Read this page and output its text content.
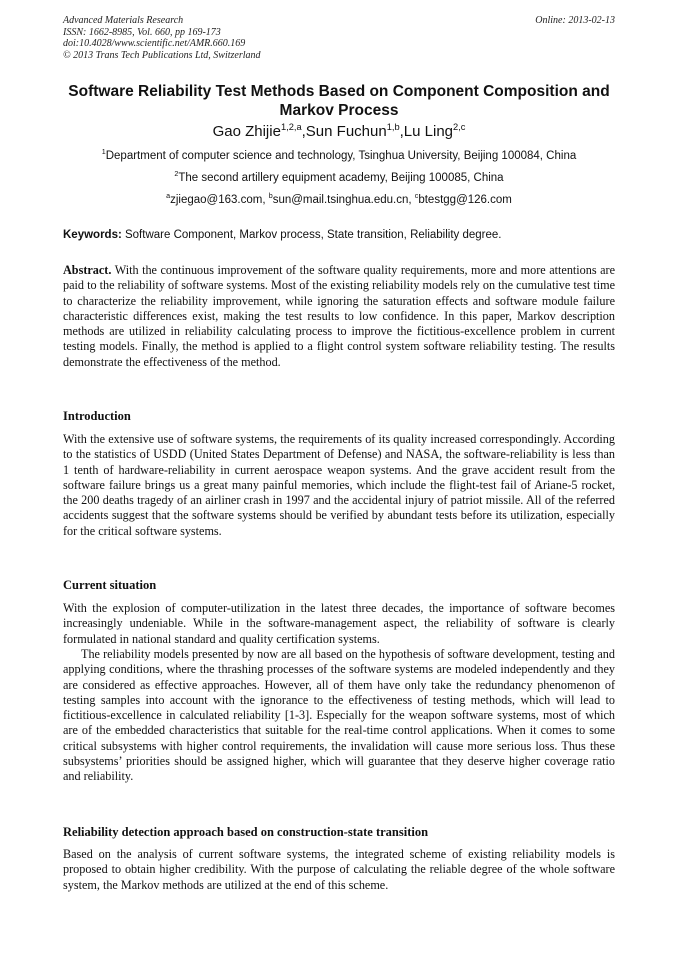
Advanced Materials Research
ISSN: 1662-8985, Vol. 660, pp 169-173
doi:10.4028/www.scientific.net/AMR.660.169
© 2013 Trans Tech Publications Ltd, Switzerland
Online: 2013-02-13
Software Reliability Test Methods Based on Component Composition and Markov Process
Gao Zhijie$^{1,2,a}$,Sun Fuchun$^{1,b}$,Lu Ling$^{2,c}$
$^1$Department of computer science and technology, Tsinghua University, Beijing 100084, China
$^2$The second artillery equipment academy, Beijing 100085, China
$^a$zjiegao@163.com, $^b$sun@mail.tsinghua.edu.cn, $^c$btestgg@126.com
Keywords: Software Component, Markov process, State transition, Reliability degree.
Abstract. With the continuous improvement of the software quality requirements, more and more attentions are paid to the reliability of software systems. Most of the existing reliability models rely on the cumulative test time to characterize the reliability improvement, while ignoring the saturation effects and software module failure characteristic differences exist, making the test results to low confidence. In this paper, Markov description methods are utilized in reliability calculating process to improve the fictitious-excellence problem in current testing models. Finally, the method is applied to a flight control system software reliability testing. The results demonstrate the effectiveness of the method.
Introduction
With the extensive use of software systems, the requirements of its quality increased correspondingly. According to the statistics of USDD (United States Department of Defense) and NASA, the software-reliability is less than 1 tenth of hardware-reliability in current aerospace weapon systems. And the grave accident result from the software failure brings us a great many painful memories, which include the flight-test fail of Ariane-5 rocket, the 200 deaths tragedy of an airliner crash in 1997 and the accidental injury of patriot missile. All of the referred accidents suggest that the software systems should be verified by abundant tests before its utilization, especially for the critical software systems.
Current situation
With the explosion of computer-utilization in the latest three decades, the importance of software becomes increasingly undeniable. While in the software-management aspect, the reliability of software is clearly formulated in national standard and quality certification systems.
The reliability models presented by now are all based on the hypothesis of software development, testing and applying conditions, where the thrashing processes of the software systems are modeled independently and they are considered as effective approaches. However, all of them have only take the redundancy phenomenon of testing samples into account with the ignorance to the effectiveness of testing methods, which will lead to fictitious-excellence in calculated reliability [1-3]. Especially for the weapon software systems, most of which are of the embedded characteristics that suitable for the real-time control applications. When it comes to some critical subsystems with higher control requirements, the invalidation will cause more serious loss. Thus these subsystems’ priorities should be assigned higher, which will guarantee that they deserve higher coverage ratio and reliability.
Reliability detection approach based on construction-state transition
Based on the analysis of current software systems, the integrated scheme of existing reliability models is proposed to obtain higher credibility. With the purpose of calculating the reliable degree of the whole software system, the Markov methods are utilized at the end of this scheme.
